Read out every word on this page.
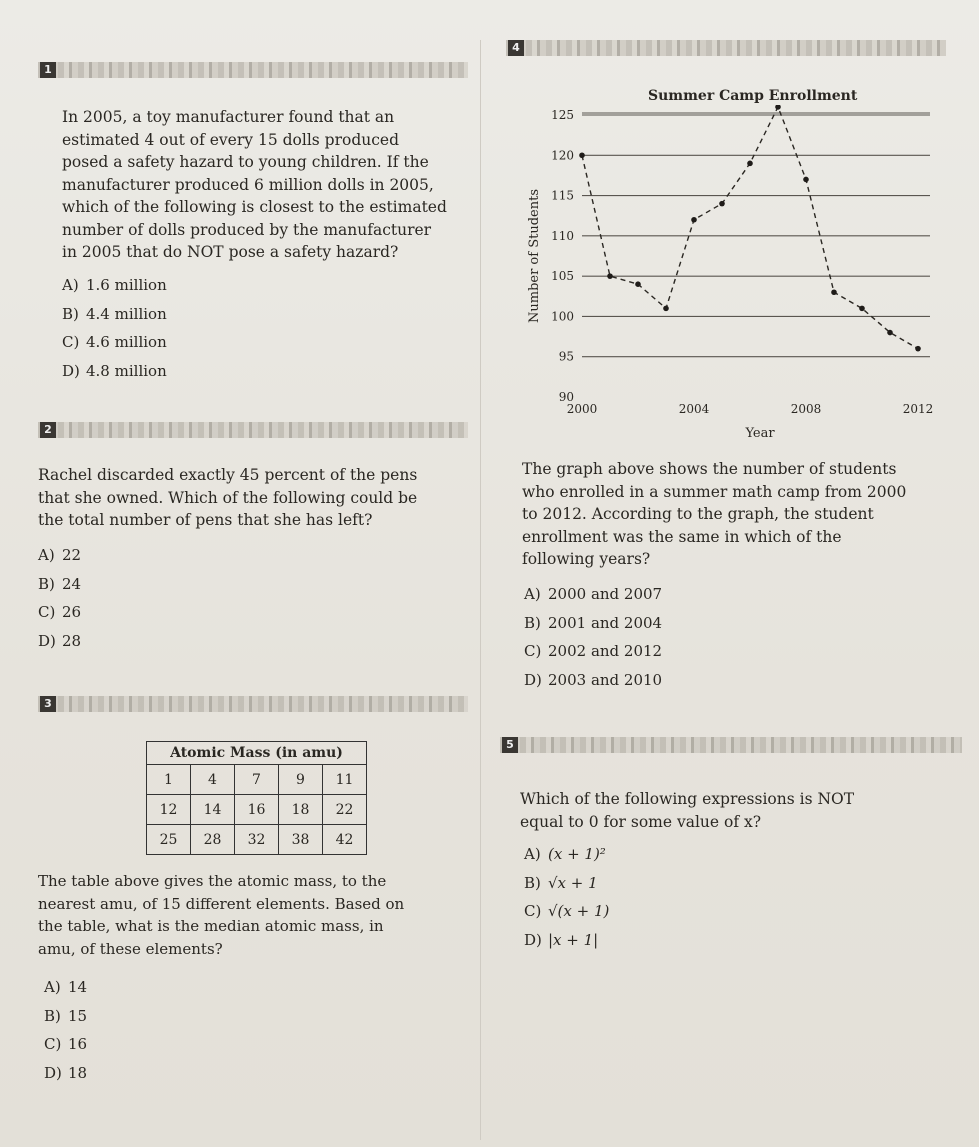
1
4
In 2005, a toy manufacturer found that an
estimated 4 out of every 15 dolls produced
posed a safety hazard to young children. If the
manufacturer produced 6 million dolls in 2005,
which of the following is closest to the estimated
number of dolls produced by the manufacturer
in 2005 that do NOT pose a safety hazard?
A) 1.6 million
B) 4.4 million
C) 4.6 million
D) 4.8 million
Summer Camp Enrollment
90
95
100
105
110
115
120
125
2000	2004	2008	2012
Number of Students
Year
2
Rachel discarded exactly 45 percent of the pens
that she owned. Which of the following could be
the total number of pens that she has left?
A) 22
B) 24
C) 26
D) 28
The graph above shows the number of students
who enrolled in a summer math camp from 2000
to 2012. According to the graph, the student
enrollment was the same in which of the
following years?
A) 2000 and 2007
B) 2001 and 2004
C) 2002 and 2012
D) 2003 and 2010
3
Atomic Mass (in amu)				
1	4	7	9	11
12	14	16	18	22
25	28	32	38	42
The table above gives the atomic mass, to the
nearest amu, of 15 different elements. Based on
the table, what is the median atomic mass, in
amu, of these elements?
A) 14
B) 15
C) 16
D) 18
5
Which of the following expressions is NOT
equal to 0 for some value of x?
A) (x + 1)²
B) √x + 1
C) √(x + 1)
D) |x + 1|
